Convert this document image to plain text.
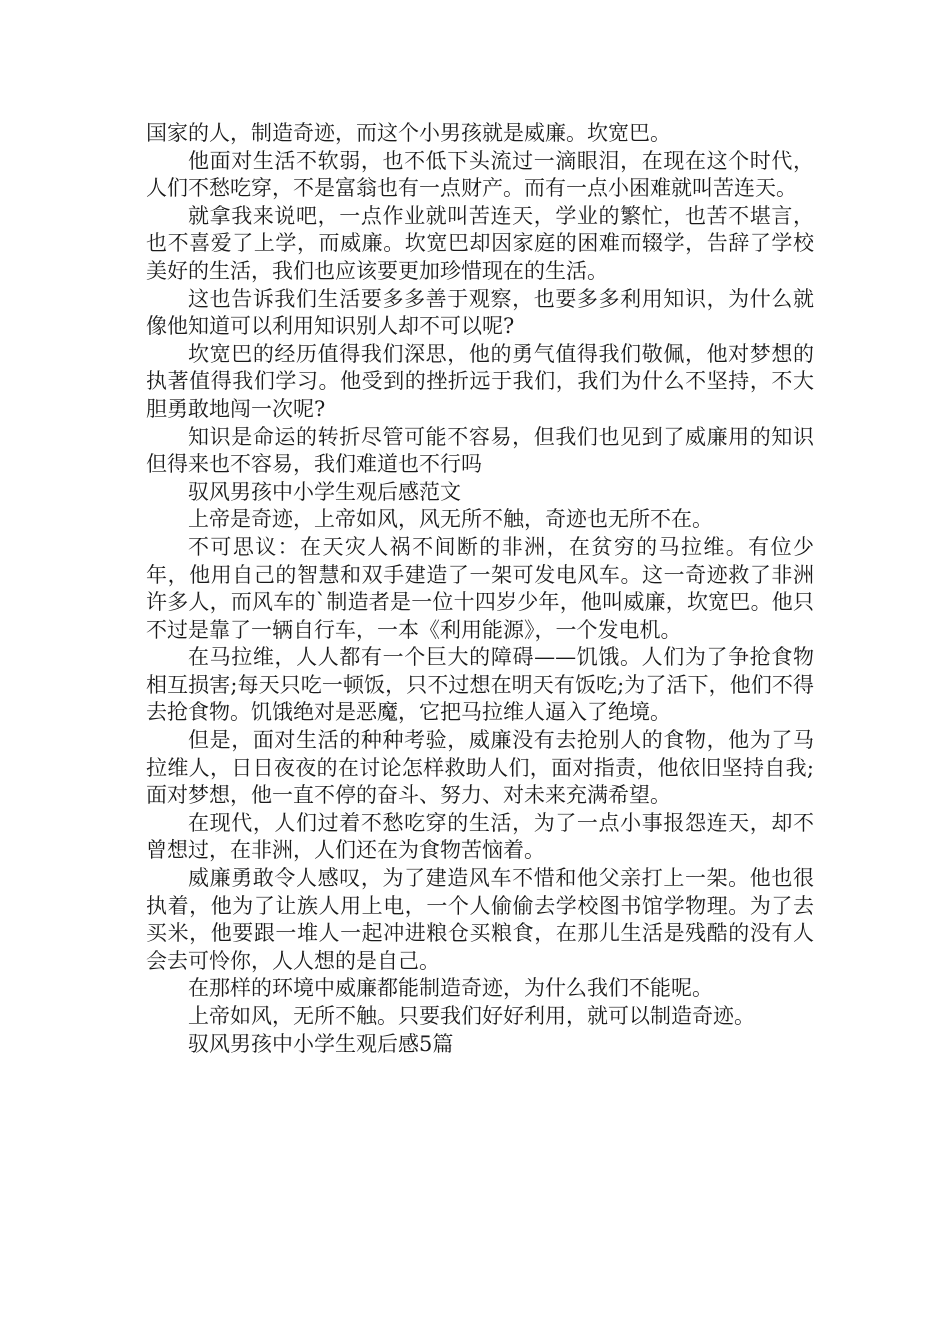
国家的人，制造奇迹，而这个小男孩就是威廉。坎宽巴。

他面对生活不软弱，也不低下头流过一滴眼泪，在现在这个时代，人们不愁吃穿，不是富翁也有一点财产。而有一点小困难就叫苦连天。

就拿我来说吧，一点作业就叫苦连天，学业的繁忙，也苦不堪言，也不喜爱了上学，而威廉。坎宽巴却因家庭的困难而辍学，告辞了学校美好的生活，我们也应该要更加珍惜现在的生活。

这也告诉我们生活要多多善于观察，也要多多利用知识，为什么就像他知道可以利用知识别人却不可以呢?

坎宽巴的经历值得我们深思，他的勇气值得我们敬佩，他对梦想的执著值得我们学习。他受到的挫折远于我们，我们为什么不坚持，不大胆勇敢地闯一次呢?

知识是命运的转折尽管可能不容易，但我们也见到了威廉用的知识但得来也不容易，我们难道也不行吗

驭风男孩中小学生观后感范文

上帝是奇迹，上帝如风，风无所不触，奇迹也无所不在。

不可思议：在天灾人祸不间断的非洲，在贫穷的马拉维。有位少年，他用自己的智慧和双手建造了一架可发电风车。这一奇迹救了非洲许多人，而风车的`制造者是一位十四岁少年，他叫威廉，坎宽巴。他只不过是靠了一辆自行车，一本《利用能源》，一个发电机。

在马拉维，人人都有一个巨大的障碍——饥饿。人们为了争抢食物相互损害;每天只吃一顿饭，只不过想在明天有饭吃;为了活下，他们不得去抢食物。饥饿绝对是恶魔，它把马拉维人逼入了绝境。

但是，面对生活的种种考验，威廉没有去抢别人的食物，他为了马拉维人，日日夜夜的在讨论怎样救助人们，面对指责，他依旧坚持自我;面对梦想，他一直不停的奋斗、努力、对未来充满希望。

在现代，人们过着不愁吃穿的生活，为了一点小事报怨连天，却不曾想过，在非洲，人们还在为食物苦恼着。

威廉勇敢令人感叹，为了建造风车不惜和他父亲打上一架。他也很执着，他为了让族人用上电，一个人偷偷去学校图书馆学物理。为了去买米，他要跟一堆人一起冲进粮仓买粮食，在那儿生活是残酷的没有人会去可怜你，人人想的是自己。

在那样的环境中威廉都能制造奇迹，为什么我们不能呢。

上帝如风，无所不触。只要我们好好利用，就可以制造奇迹。

驭风男孩中小学生观后感5篇
